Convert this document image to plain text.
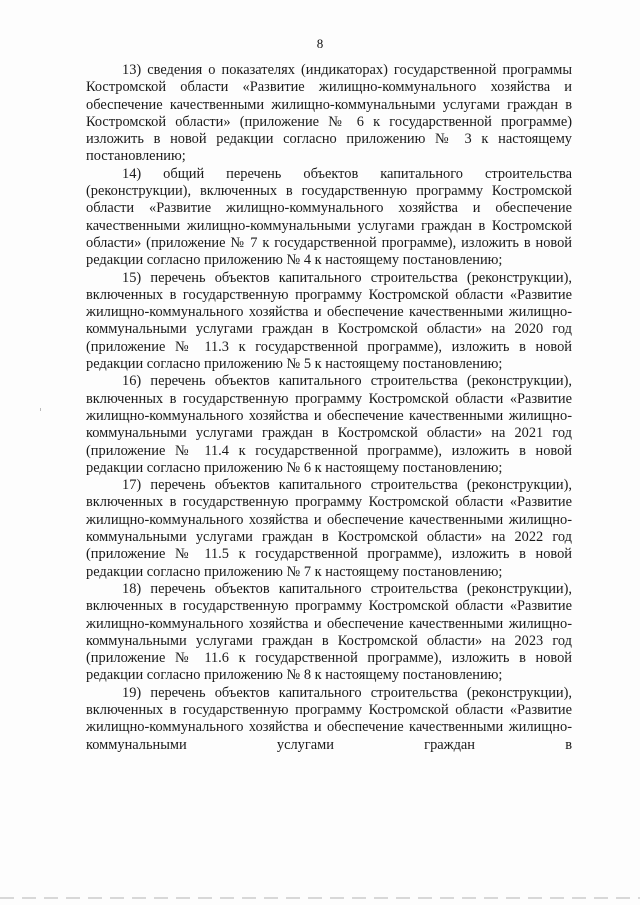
8

13) сведения о показателях (индикаторах) государственной программы Костромской области «Развитие жилищно-коммунального хозяйства и обеспечение качественными жилищно-коммунальными услугами граждан в Костромской области» (приложение № 6 к государственной программе) изложить в новой редакции согласно приложению № 3 к настоящему постановлению;

14) общий перечень объектов капитального строительства (реконструкции), включенных в государственную программу Костромской области «Развитие жилищно-коммунального хозяйства и обеспечение качественными жилищно-коммунальными услугами граждан в Костромской области» (приложение № 7 к государственной программе), изложить в новой редакции согласно приложению № 4 к настоящему постановлению;

15) перечень объектов капитального строительства (реконструкции), включенных в государственную программу Костромской области «Развитие жилищно-коммунального хозяйства и обеспечение качественными жилищно-коммунальными услугами граждан в Костромской области» на 2020 год (приложение № 11.3 к государственной программе), изложить в новой редакции согласно приложению № 5 к настоящему постановлению;

16) перечень объектов капитального строительства (реконструкции), включенных в государственную программу Костромской области «Развитие жилищно-коммунального хозяйства и обеспечение качественными жилищно-коммунальными услугами граждан в Костромской области» на 2021 год (приложение № 11.4 к государственной программе), изложить в новой редакции согласно приложению № 6 к настоящему постановлению;

17) перечень объектов капитального строительства (реконструкции), включенных в государственную программу Костромской области «Развитие жилищно-коммунального хозяйства и обеспечение качественными жилищно-коммунальными услугами граждан в Костромской области» на 2022 год (приложение № 11.5 к государственной программе), изложить в новой редакции согласно приложению № 7 к настоящему постановлению;

18) перечень объектов капитального строительства (реконструкции), включенных в государственную программу Костромской области «Развитие жилищно-коммунального хозяйства и обеспечение качественными жилищно-коммунальными услугами граждан в Костромской области» на 2023 год (приложение № 11.6 к государственной программе), изложить в новой редакции согласно приложению № 8 к настоящему постановлению;

19) перечень объектов капитального строительства (реконструкции), включенных в государственную программу Костромской области «Развитие жилищно-коммунального хозяйства и обеспечение качественными жилищно-коммунальными услугами граждан в
